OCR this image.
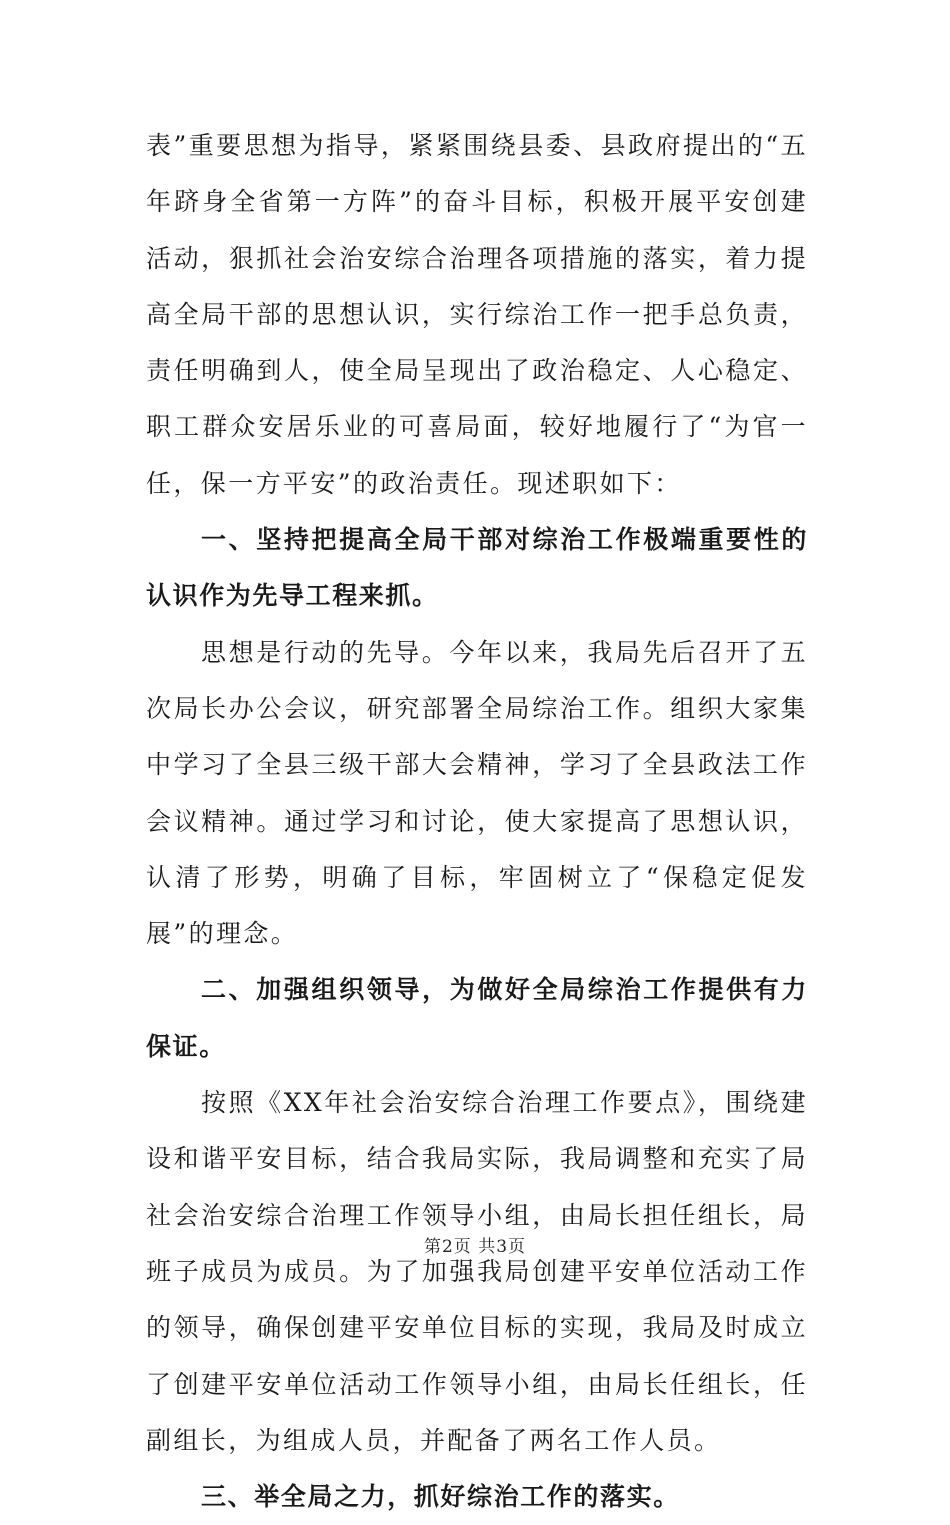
表”重要思想为指导，紧紧围绕县委、县政府提出的“五年跻身全省第一方阵”的奋斗目标，积极开展平安创建活动，狠抓社会治安综合治理各项措施的落实，着力提高全局干部的思想认识，实行综治工作一把手总负责，责任明确到人，使全局呈现出了政治稳定、人心稳定、职工群众安居乐业的可喜局面，较好地履行了“为官一任，保一方平安”的政治责任。现述职如下：

一、坚持把提高全局干部对综治工作极端重要性的认识作为先导工程来抓。

思想是行动的先导。今年以来，我局先后召开了五次局长办公会议，研究部署全局综治工作。组织大家集中学习了全县三级干部大会精神，学习了全县政法工作会议精神。通过学习和讨论，使大家提高了思想认识，认清了形势，明确了目标，牢固树立了“保稳定促发展”的理念。

二、加强组织领导，为做好全局综治工作提供有力保证。

按照《XX年社会治安综合治理工作要点》，围绕建设和谐平安目标，结合我局实际，我局调整和充实了局社会治安综合治理工作领导小组，由局长担任组长，局班子成员为成员。为了加强我局创建平安单位活动工作的领导，确保创建平安单位目标的实现，我局及时成立了创建平安单位活动工作领导小组，由局长任组长，任副组长，为组成人员，并配备了两名工作人员。

三、举全局之力，抓好综治工作的落实。

第2页 共3页
